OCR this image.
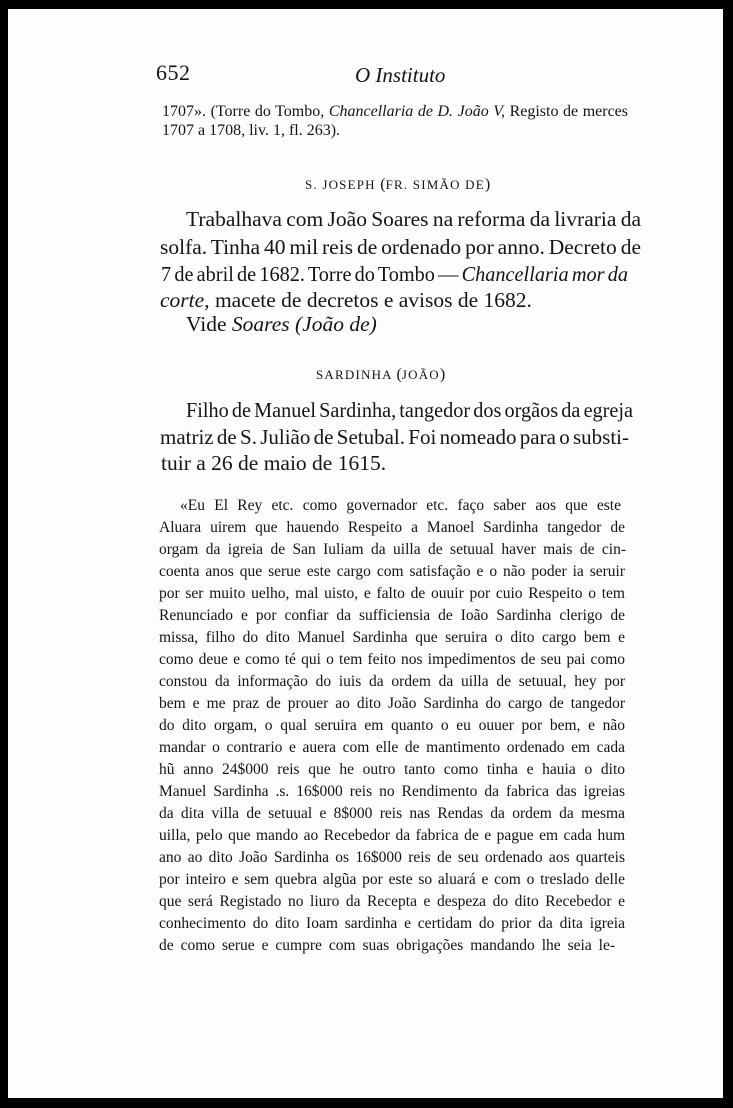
652	O Instituto
1707». (Torre do Tombo, Chancellaria de D. João V, Registo de merces
1707 a 1708, liv. 1, fl. 263).
S. JOSEPH (FR. SIMÃO DE)
Trabalhava com João Soares na reforma da livraria da
solfa. Tinha 40 mil reis de ordenado por anno. Decreto de
7 de abril de 1682. Torre do Tombo — Chancellaria mor da
corte, macete de decretos e avisos de 1682.
Vide Soares (João de)
SARDINHA (JOÃO)
Filho de Manuel Sardinha, tangedor dos orgãos da egreja
matriz de S. Julião de Setubal. Foi nomeado para o substi-
tuir a 26 de maio de 1615.
«Eu El Rey etc. como governador etc. faço saber aos que este
Aluara uirem que hauendo Respeito a Manoel Sardinha tangedor de
orgam da igreia de San Iuliam da uilla de setuual haver mais de cin-
coenta anos que serue este cargo com satisfação e o não poder ia seruir
por ser muito uelho, mal uisto, e falto de ouuir por cuio Respeito o tem
Renunciado e por confiar da sufficiensia de Ioão Sardinha clerigo de
missa, filho do dito Manuel Sardinha que seruira o dito cargo bem e
como deue e como té qui o tem feito nos impedimentos de seu pai como
constou da informação do iuis da ordem da uilla de setuual, hey por
bem e me praz de prouer ao dito João Sardinha do cargo de tangedor
do dito orgam, o qual seruira em quanto o eu ouuer por bem, e não
mandar o contrario e auera com elle de mantimento ordenado em cada
hũ anno 24$000 reis que he outro tanto como tinha e hauia o dito
Manuel Sardinha .s. 16$000 reis no Rendimento da fabrica das igreias
da dita villa de setuual e 8$000 reis nas Rendas da ordem da mesma
uilla, pelo que mando ao Recebedor da fabrica de e pague em cada hum
ano ao dito João Sardinha os 16$000 reis de seu ordenado aos quarteis
por inteiro e sem quebra algũa por este so aluará e com o treslado delle
que será Registado no liuro da Recepta e despeza do dito Recebedor e
conhecimento do dito Ioam sardinha e certidam do prior da dita igreia
de como serue e cumpre com suas obrigações mandando lhe seia le-
